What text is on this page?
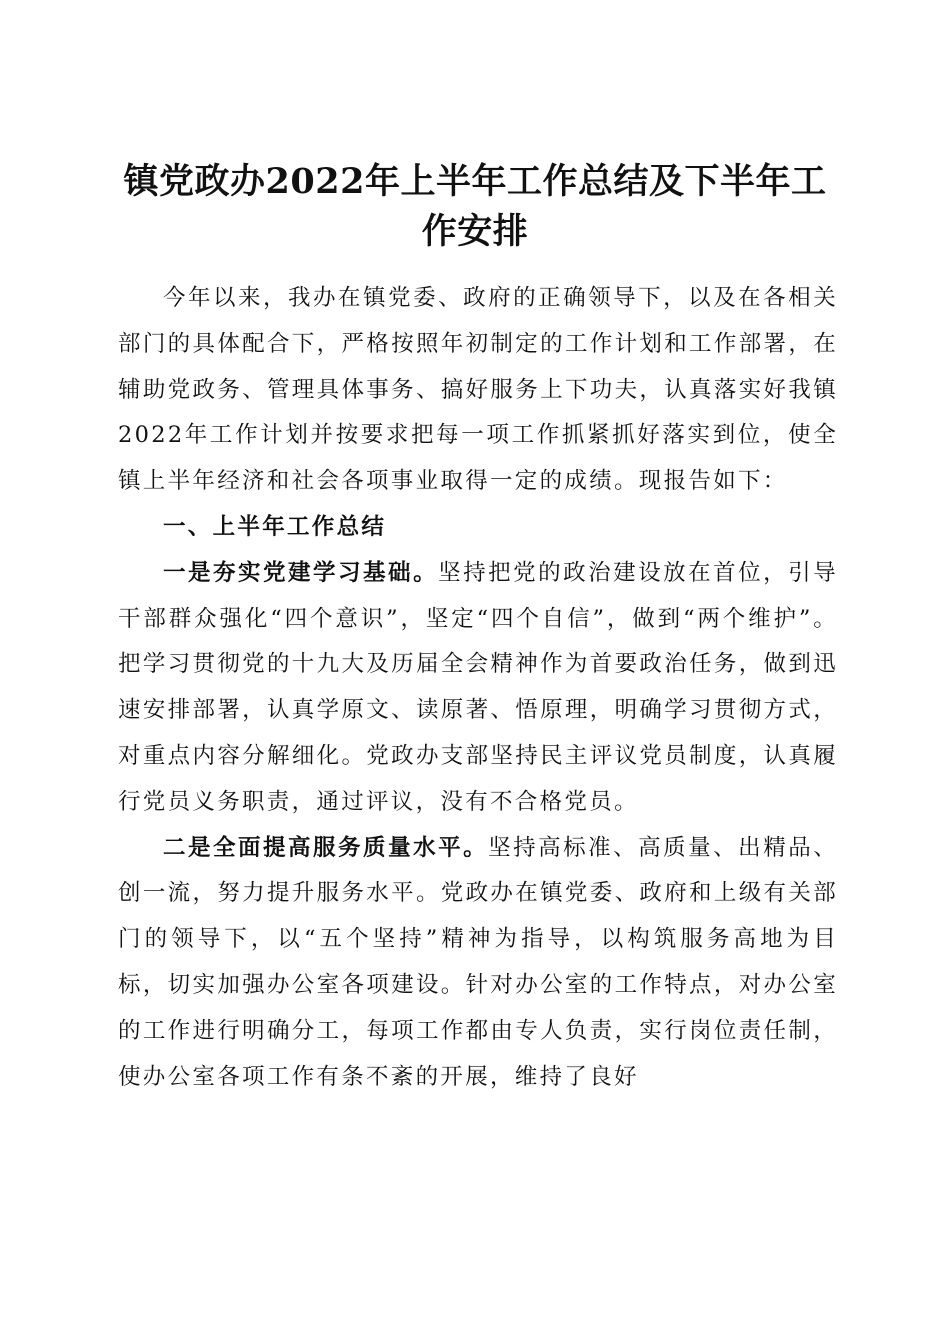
镇党政办2022年上半年工作总结及下半年工
作安排

今年以来，我办在镇党委、政府的正确领导下，以及在各相关部门的具体配合下，严格按照年初制定的工作计划和工作部署，在辅助党政务、管理具体事务、搞好服务上下功夫，认真落实好我镇2022年工作计划并按要求把每一项工作抓紧抓好落实到位，使全镇上半年经济和社会各项事业取得一定的成绩。现报告如下：

一、上半年工作总结

一是夯实党建学习基础。坚持把党的政治建设放在首位，引导干部群众强化“四个意识”，坚定“四个自信”，做到“两个维护”。把学习贯彻党的十九大及历届全会精神作为首要政治任务，做到迅速安排部署，认真学原文、读原著、悟原理，明确学习贯彻方式，对重点内容分解细化。党政办支部坚持民主评议党员制度，认真履行党员义务职责，通过评议，没有不合格党员。

二是全面提高服务质量水平。坚持高标准、高质量、出精品、创一流，努力提升服务水平。党政办在镇党委、政府和上级有关部门的领导下，以“五个坚持”精神为指导，以构筑服务高地为目标，切实加强办公室各项建设。针对办公室的工作特点，对办公室的工作进行明确分工，每项工作都由专人负责，实行岗位责任制，使办公室各项工作有条不紊的开展，维持了良好
